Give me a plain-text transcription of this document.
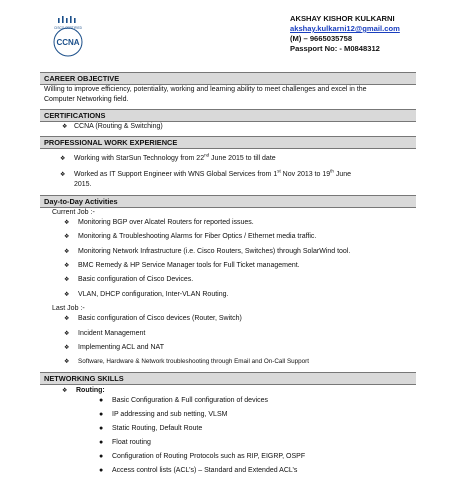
CISCO CERTIFIED
CCNA
AKSHAY KISHOR KULKARNI
akshay.kulkarni12@gmail.com
(M) – 9665035758
Passport No: - M0848312
CAREER OBJECTIVE
Willing to improve efficiency, potentiality, working and learning ability to meet challenges and excel in the
Computer Networking field.
CERTIFICATIONS
❖ CCNA (Routing & Switching)
PROFESSIONAL WORK EXPERIENCE
❖ Working with StarSun Technology from 22nd June 2015 to till date
❖ Worked as IT Support Engineer with WNS Global Services from 1st Nov 2013 to 19th June
2015.
Day-to-Day Activities
Current Job :-
❖ Monitoring BGP over Alcatel Routers for reported issues.
❖ Monitoring & Troubleshooting Alarms for Fiber Optics / Ethernet media traffic.
❖ Monitoring Network Infrastructure (i.e. Cisco Routers, Switches) through SolarWind tool.
❖ BMC Remedy & HP Service Manager tools for Full Ticket management.
❖ Basic configuration of Cisco Devices.
❖ VLAN, DHCP configuration, Inter-VLAN Routing.
Last Job :-
❖ Basic configuration of Cisco devices (Router, Switch)
❖ Incident Management
❖ Implementing ACL and NAT
❖ Software, Hardware & Network troubleshooting through Email and On-Call Support
NETWORKING SKILLS
❖ Routing:
● Basic Configuration & Full configuration of devices
● IP addressing and sub netting, VLSM
● Static Routing, Default Route
● Float routing
● Configuration of Routing Protocols such as RIP, EIGRP, OSPF
● Access control lists (ACL’s) – Standard and Extended ACL’s
